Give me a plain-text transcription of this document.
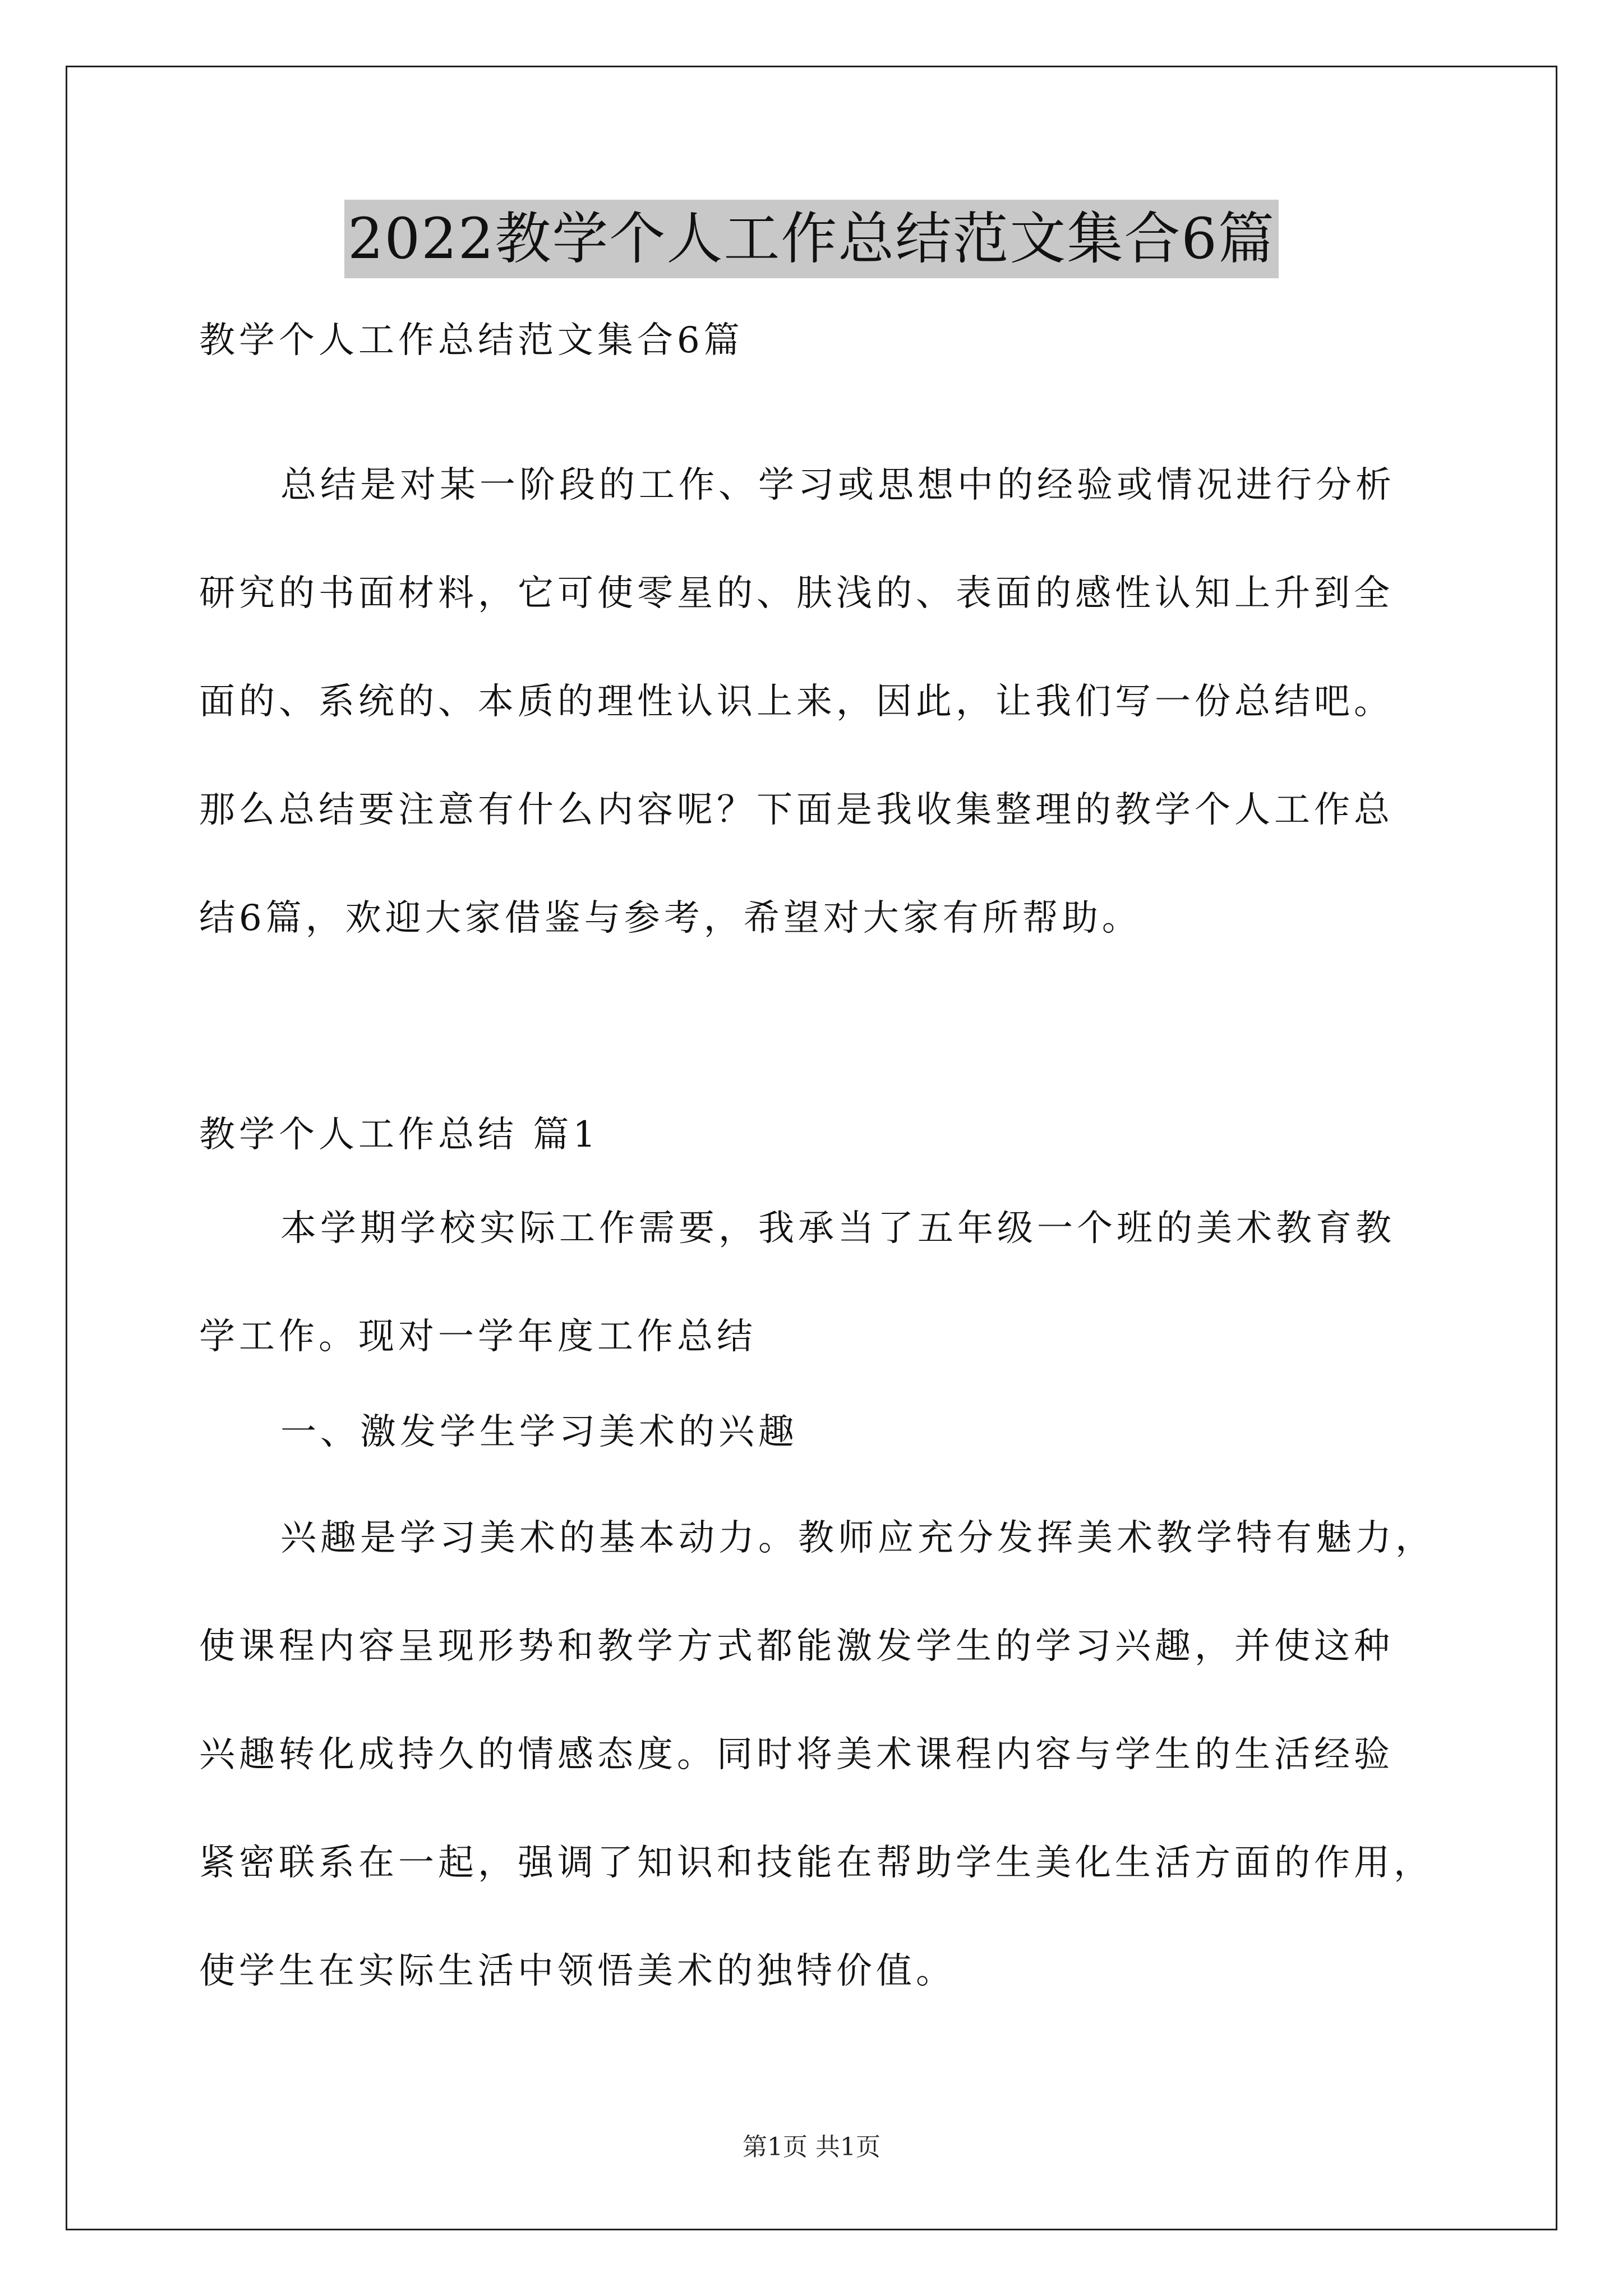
2022教学个人工作总结范文集合6篇
教学个人工作总结范文集合6篇
总结是对某一阶段的工作、学习或思想中的经验或情况进行分析
研究的书面材料，它可使零星的、肤浅的、表面的感性认知上升到全
面的、系统的、本质的理性认识上来，因此，让我们写一份总结吧。
那么总结要注意有什么内容呢？下面是我收集整理的教学个人工作总
结6篇，欢迎大家借鉴与参考，希望对大家有所帮助。
教学个人工作总结 篇1
本学期学校实际工作需要，我承当了五年级一个班的美术教育教
学工作。现对一学年度工作总结
一、激发学生学习美术的兴趣
兴趣是学习美术的基本动力。教师应充分发挥美术教学特有魅力，
使课程内容呈现形势和教学方式都能激发学生的学习兴趣，并使这种
兴趣转化成持久的情感态度。同时将美术课程内容与学生的生活经验
紧密联系在一起，强调了知识和技能在帮助学生美化生活方面的作用，
使学生在实际生活中领悟美术的独特价值。
第1页 共1页
